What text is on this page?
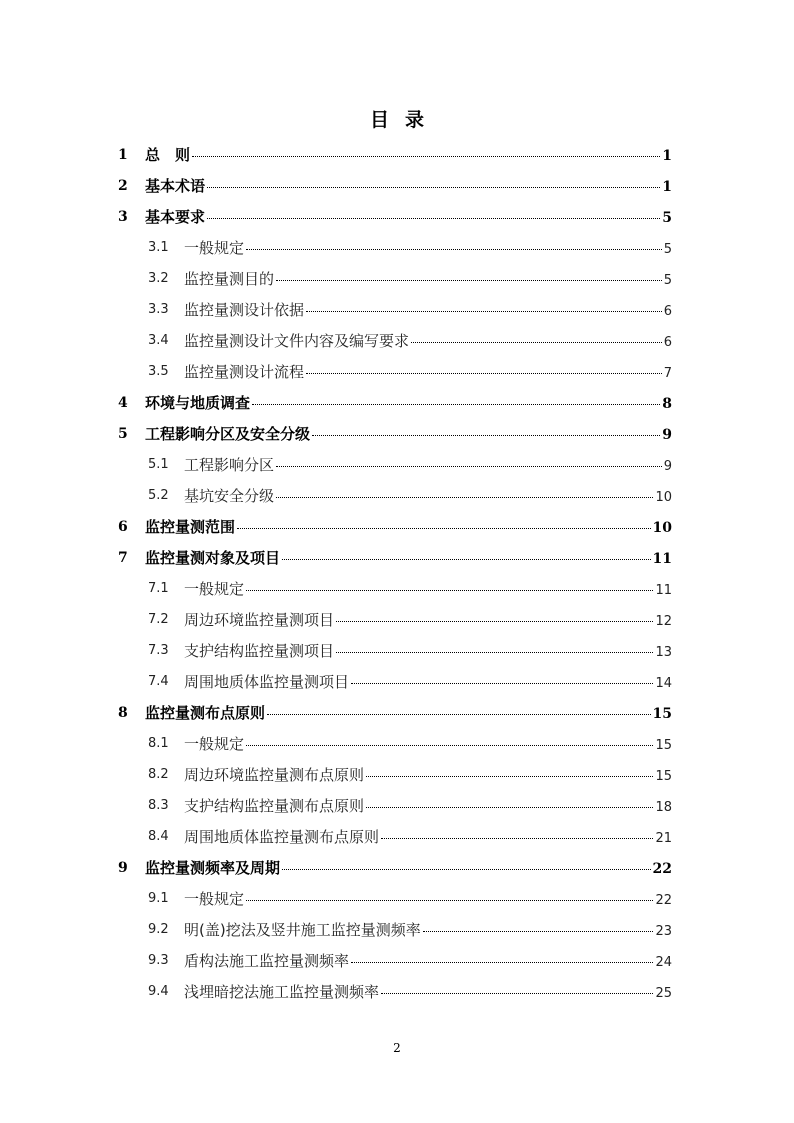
目录
1 总　则	1
2 基本术语	1
3 基本要求	5
3.1 一般规定	5
3.2 监控量测目的	5
3.3 监控量测设计依据	6
3.4 监控量测设计文件内容及编写要求	6
3.5 监控量测设计流程	7
4 环境与地质调查	8
5 工程影响分区及安全分级	9
5.1 工程影响分区	9
5.2 基坑安全分级	10
6 监控量测范围	10
7 监控量测对象及项目	11
7.1 一般规定	11
7.2 周边环境监控量测项目	12
7.3 支护结构监控量测项目	13
7.4 周围地质体监控量测项目	14
8 监控量测布点原则	15
8.1 一般规定	15
8.2 周边环境监控量测布点原则	15
8.3 支护结构监控量测布点原则	18
8.4 周围地质体监控量测布点原则	21
9 监控量测频率及周期	22
9.1 一般规定	22
9.2 明(盖)挖法及竖井施工监控量测频率	23
9.3 盾构法施工监控量测频率	24
9.4 浅埋暗挖法施工监控量测频率	25
2
